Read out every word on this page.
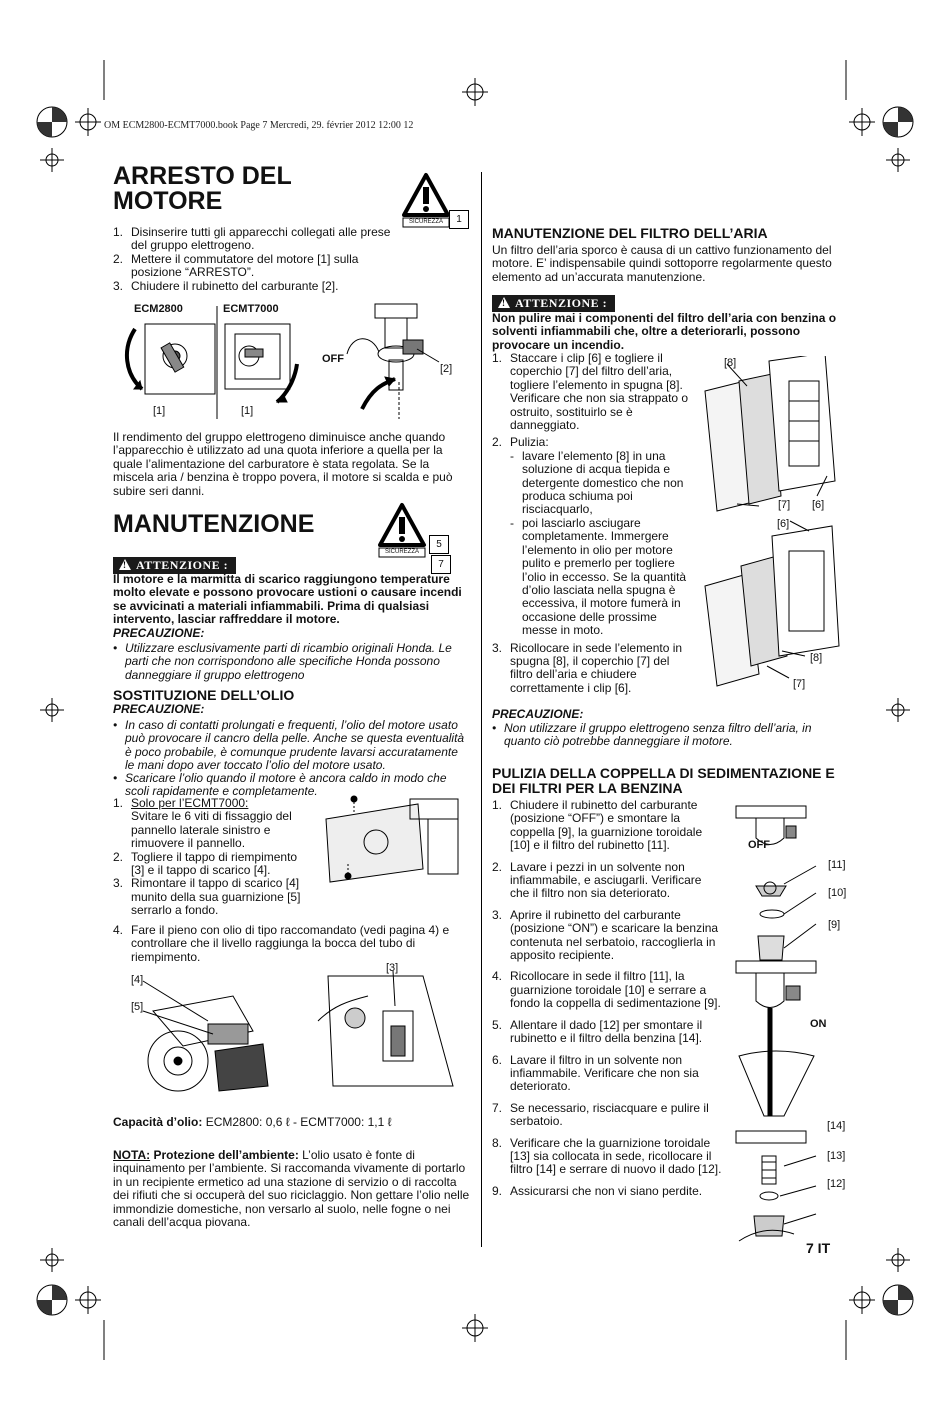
OM ECM2800-ECMT7000.book Page 7 Mercredi, 29. février 2012 12:00 12
ARRESTO DEL MOTORE
SICUREZZA	1
1. Disinserire tutti gli apparecchi collegati alle prese del gruppo elettrogeno.
2. Mettere il commutatore del motore [1] sulla posizione “ARRESTO”.
3. Chiudere il rubinetto del carburante [2].
ECM2800	ECMT7000
OFF
[1]	[1]
[2]

Il rendimento del gruppo elettrogeno diminuisce anche quando l’apparecchio è utilizzato ad una quota inferiore a quella per la quale l’alimentazione del carburatore è stata regolata. Se la miscela aria / benzina è troppo povera, il motore si scalda e può subire seri danni.

MANUTENZIONE
SICUREZZA
57
!ATTENZIONE :

Il motore e la marmitta di scarico raggiungono temperature molto elevate e possono provocare ustioni o causare incendi se avvicinati a materiali infiammabili. Prima di qualsiasi intervento, lasciar raffreddare il motore.

PRECAUZIONE:

• Utilizzare esclusivamente parti di ricambio originali Honda. Le parti che non corrispondono alle specifiche Honda possono danneggiare il gruppo elettrogeno

SOSTITUZIONE DELL’OLIO

PRECAUZIONE:

• In caso di contatti prolungati e frequenti, l’olio del motore usato può provocare il cancro della pelle. Anche se questa eventualità è poco probabile, è comunque prudente lavarsi accuratamente le mani dopo aver toccato l’olio del motore usato.

• Scaricare l’olio quando il motore è ancora caldo in modo che scoli rapidamente e completamente.

1. Solo per l’ECMT7000:
Svitare le 6 viti di fissaggio del pannello laterale sinistro e rimuovere il pannello.
2. Togliere il tappo di riempimento [3] e il tappo di scarico [4].
3. Rimontare il tappo di scarico [4] munito della sua guarnizione [5] serrarlo a fondo.
4. Fare il pieno con olio di tipo raccomandato (vedi pagina 4) e controllare che il livello raggiunga la bocca del tubo di riempimento.
[4]
[5]
[3]

Capacità d’olio: ECM2800: 0,6 ℓ - ECMT7000: 1,1 ℓ

NOTA: Protezione dell’ambiente: L’olio usato è fonte di inquinamento per l’ambiente. Si raccomanda vivamente di portarlo in un recipiente ermetico ad una stazione di servizio o di raccolta dei rifiuti che si occuperà del suo riciclaggio. Non gettare l’olio nelle immondizie domestiche, non versarlo al suolo, nelle fogne o nei canali dell’acqua piovana.

MANUTENZIONE DEL FILTRO DELL’ARIA

Un filtro dell’aria sporco è causa di un cattivo funzionamento del motore. E’ indispensabile quindi sottoporre regolarmente questo elemento ad un’accurata manutenzione.

!ATTENZIONE :

Non pulire mai i componenti del filtro dell’aria con benzina o solventi infiammabili che, oltre a deteriorarli, possono provocare un incendio.

1. Staccare i clip [6] e togliere il coperchio [7] del filtro dell’aria, togliere l’elemento in spugna [8]. Verificare che non sia strappato o ostruito, sostituirlo se è danneggiato.
2. Pulizia:
- lavare l’elemento [8] in una soluzione di acqua tiepida e detergente domestico che non produca schiuma poi risciacquarlo,
- poi lasciarlo asciugare completamente. Immergere l’elemento in olio per motore pulito e premerlo per togliere l’olio in eccesso. Se la quantità d’olio lasciata nella spugna è eccessiva, il motore fumerà in occasione delle prossime messe in moto.
3. Ricollocare in sede l’elemento in spugna [8], il coperchio [7] del filtro dell’aria e chiudere correttamente i clip [6].
[8]
[7] [6]
[6]
[8]
[7]

PRECAUZIONE:

• Non utilizzare il gruppo elettrogeno senza filtro dell’aria, in quanto ciò potrebbe danneggiare il motore.

PULIZIA DELLA COPPELLA DI SEDIMENTAZIONE E DEI FILTRI PER LA BENZINA
1. Chiudere il rubinetto del carburante (posizione “OFF”) e smontare la coppella [9], la guarnizione toroidale [10] e il filtro del rubinetto [11].
2. Lavare i pezzi in un solvente non infiammabile, e asciugarli. Verificare che il filtro non sia deteriorato.
3. Aprire il rubinetto del carburante (posizione “ON”) e scaricare la benzina contenuta nel serbatoio, raccoglierla in apposito recipiente.
4. Ricollocare in sede il filtro [11], la guarnizione toroidale [10] e serrare a fondo la coppella di sedimentazione [9].
5. Allentare il dado [12] per smontare il rubinetto e il filtro della benzina [14].
6. Lavare il filtro in un solvente non infiammabile. Verificare che non sia deteriorato.
7. Se necessario, risciacquare e pulire il serbatoio.
8. Verificare che la guarnizione toroidale [13] sia collocata in sede, ricollocare il filtro [14] e serrare di nuovo il dado [12].
9. Assicurarsi che non vi siano perdite.
OFF
[11]
[10]
[9]
ON
[14]
[13]
[12]
7 IT
